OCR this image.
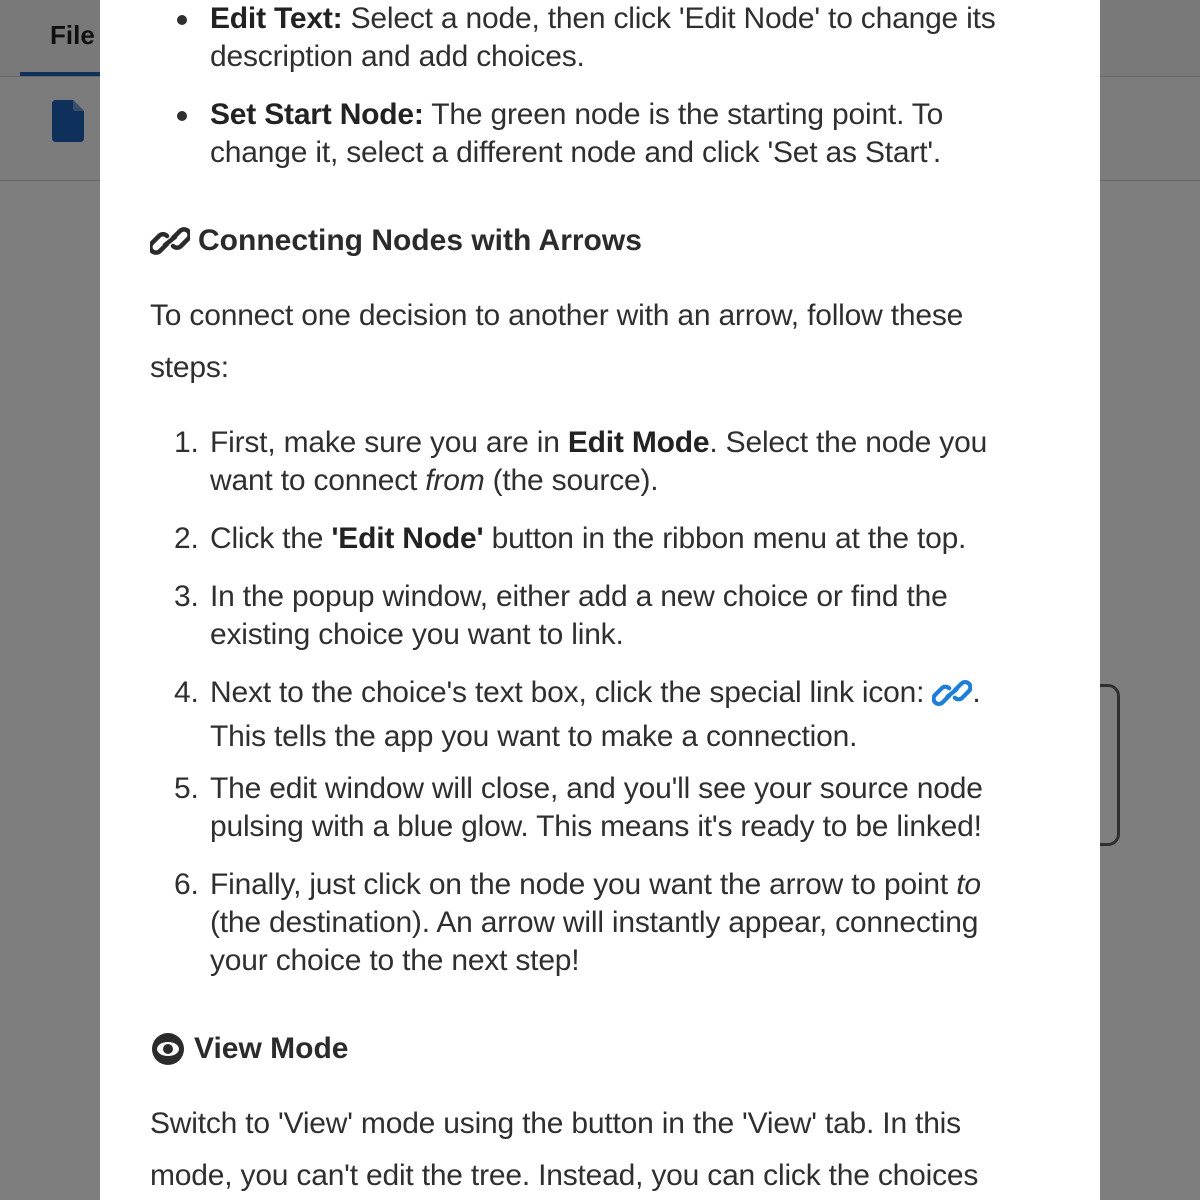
Edit Text: Select a node, then click 'Edit Node' to change its
description and add choices.
Set Start Node: The green node is the starting point. To
change it, select a different node and click 'Set as Start'.
Connecting Nodes with Arrows

To connect one decision to another with an arrow, follow these
steps:

1. First, make sure you are in Edit Mode. Select the node you
want to connect from (the source).
2. Click the 'Edit Node' button in the ribbon menu at the top.
3. In the popup window, either add a new choice or find the
existing choice you want to link.
4. Next to the choice's text box, click the special link icon: .
This tells the app you want to make a connection.
5. The edit window will close, and you'll see your source node
pulsing with a blue glow. This means it's ready to be linked!
6. Finally, just click on the node you want the arrow to point to
(the destination). An arrow will instantly appear, connecting
your choice to the next step!
View Mode

Switch to 'View' mode using the button in the 'View' tab. In this
mode, you can't edit the tree. Instead, you can click the choices
